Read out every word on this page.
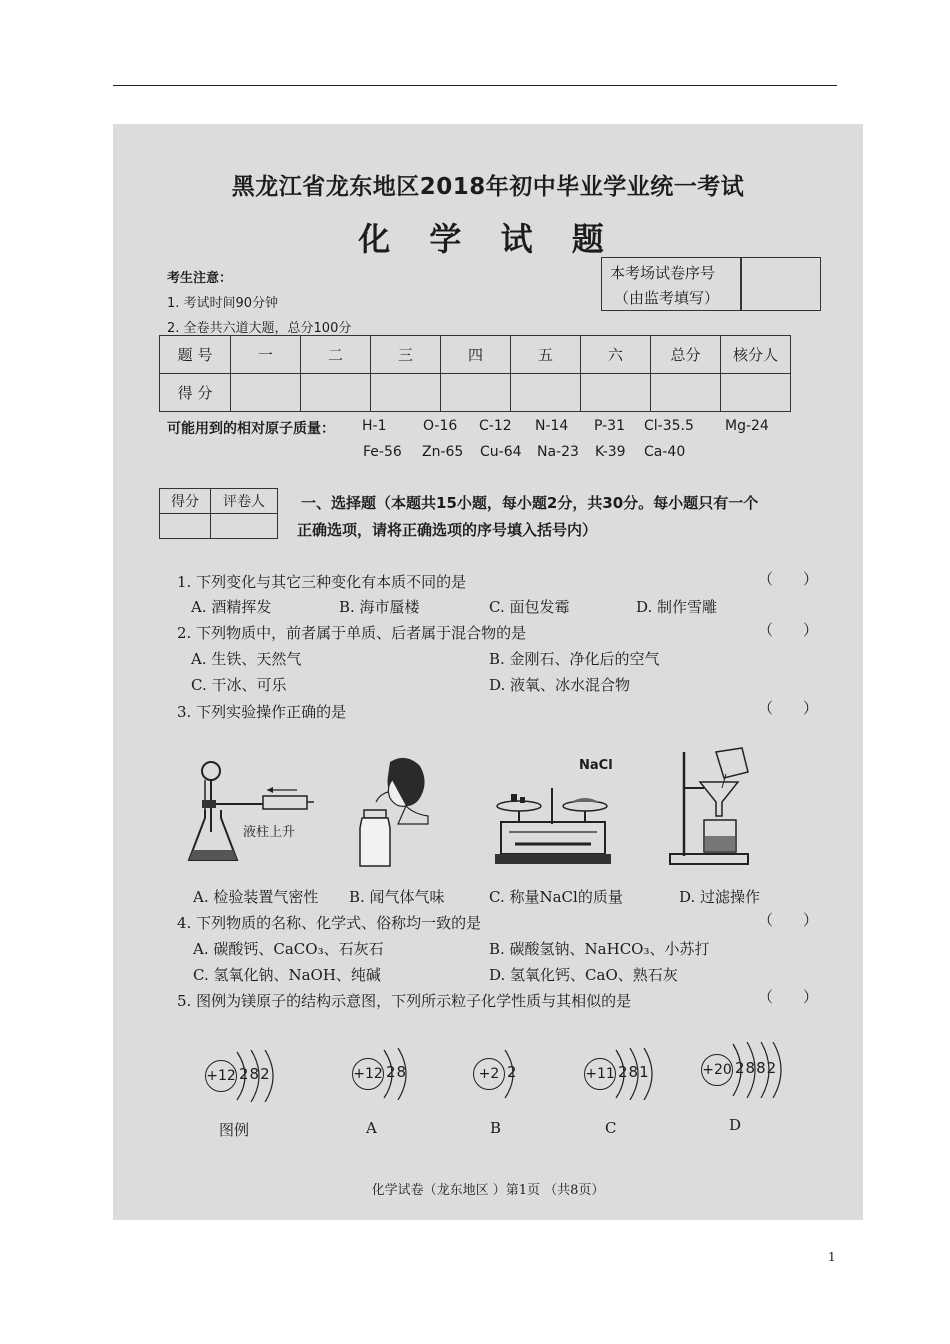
黑龙江省龙东地区2018年初中毕业学业统一考试
化 学 试 题
考生注意：
1. 考试时间90分钟
2. 全卷共六道大题，总分100分
本考场试卷序号
（由监考填写）
题 号	一	二	三	四	五	六	总分	核分人
得 分								
可能用到的相对原子质量： H-1	O-16 C-12 N-14 P-31 Cl-35.5 Mg-24
Fe-56 Zn-65 Cu-64 Na-23 K-39 Ca-40
得分	评卷人
	一、选择题（本题共15小题，每小题2分，共30分。每小题只有一个
正确选项，请将正确选项的序号填入括号内）
1. 下列变化与其它三种变化有本质不同的是	（　　）
A. 酒精挥发	B. 海市蜃楼	C. 面包发霉	D. 制作雪雕
2. 下列物质中，前者属于单质、后者属于混合物的是	（　　）
A. 生铁、天然气	B. 金刚石、净化后的空气
C. 干冰、可乐	D. 液氧、冰水混合物
3. 下列实验操作正确的是	（　　）
液柱上升
NaCl
A. 检验装置气密性 B. 闻气体气味	C. 称量NaCl的质量	D. 过滤操作
4. 下列物质的名称、化学式、俗称均一致的是	（　　）
A. 碳酸钙、CaCO₃、石灰石	B. 碳酸氢钠、NaHCO₃、小苏打
C. 氢氧化钠、NaOH、纯碱	D. 氢氧化钙、CaO、熟石灰
5. 图例为镁原子的结构示意图，下列所示粒子化学性质与其相似的是	（　　）
+12 282
图例
+12 28
A
+2 2
B
+11 281
C
+20 2882
D
化学试卷（龙东地区 ）第1页 （共8页）
1
